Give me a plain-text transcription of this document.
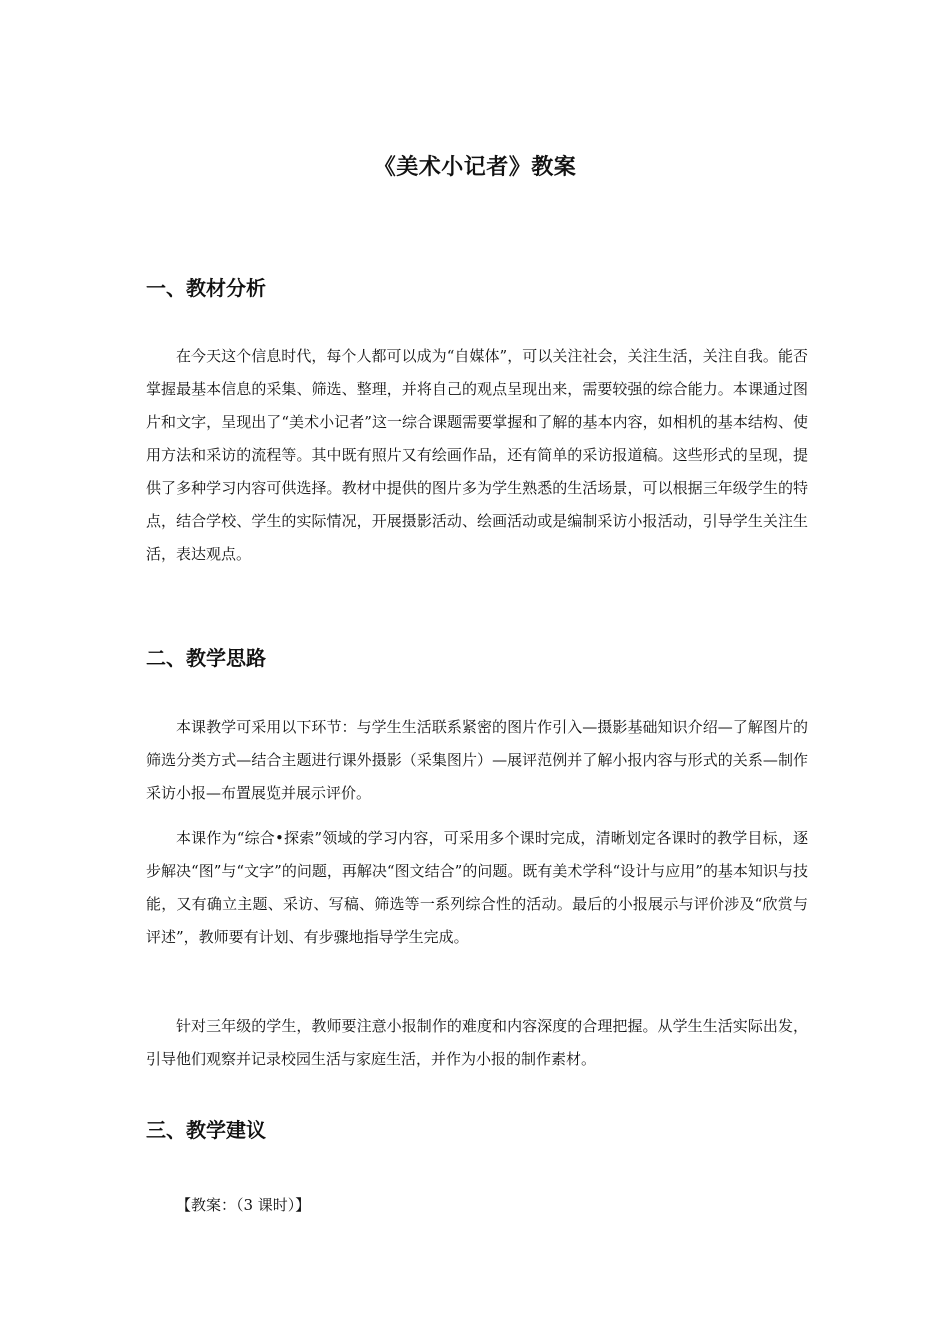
《美术小记者》教案
一、教材分析

在今天这个信息时代，每个人都可以成为“自媒体”，可以关注社会，关注生活，关注自我。能否掌握最基本信息的采集、筛选、整理，并将自己的观点呈现出来，需要较强的综合能力。本课通过图片和文字，呈现出了“美术小记者”这一综合课题需要掌握和了解的基本内容，如相机的基本结构、使用方法和采访的流程等。其中既有照片又有绘画作品，还有简单的采访报道稿。这些形式的呈现，提供了多种学习内容可供选择。教材中提供的图片多为学生熟悉的生活场景，可以根据三年级学生的特点，结合学校、学生的实际情况，开展摄影活动、绘画活动或是编制采访小报活动，引导学生关注生活，表达观点。

二、教学思路

本课教学可采用以下环节：与学生生活联系紧密的图片作引入—摄影基础知识介绍—了解图片的筛选分类方式—结合主题进行课外摄影（采集图片）—展评范例并了解小报内容与形式的关系—制作采访小报—布置展览并展示评价。

本课作为“综合•探索”领域的学习内容，可采用多个课时完成，清晰划定各课时的教学目标，逐步解决“图”与“文字”的问题，再解决“图文结合”的问题。既有美术学科“设计与应用”的基本知识与技能，又有确立主题、采访、写稿、筛选等一系列综合性的活动。最后的小报展示与评价涉及“欣赏与评述”，教师要有计划、有步骤地指导学生完成。

针对三年级的学生，教师要注意小报制作的难度和内容深度的合理把握。从学生生活实际出发，引导他们观察并记录校园生活与家庭生活，并作为小报的制作素材。

三、教学建议

【教案：（3 课时）】
